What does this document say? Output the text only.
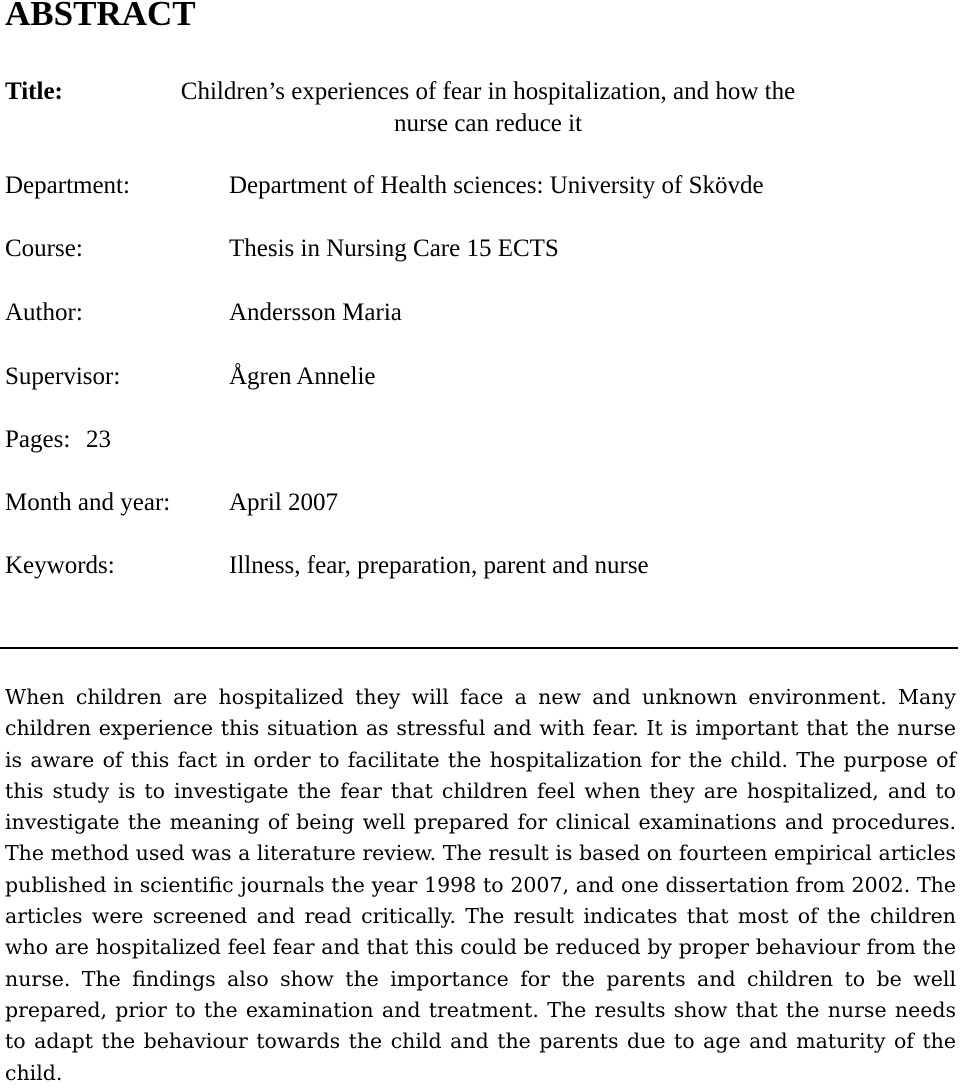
ABSTRACT
Title:	Children’s experiences of fear in hospitalization, and how the nurse can reduce it
Department:	Department of Health sciences: University of Skövde
Course:	Thesis in Nursing Care 15 ECTS
Author:	Andersson Maria
Supervisor:	Ågren Annelie
Pages: 23
Month and year: April 2007
Keywords:	Illness, fear, preparation, parent and nurse

When children are hospitalized they will face a new and unknown environment. Many children experience this situation as stressful and with fear. It is important that the nurse is aware of this fact in order to facilitate the hospitalization for the child. The purpose of this study is to investigate the fear that children feel when they are hospitalized, and to investigate the meaning of being well prepared for clinical examinations and procedures. The method used was a literature review. The result is based on fourteen empirical articles published in scientific journals the year 1998 to 2007, and one dissertation from 2002. The articles were screened and read critically. The result indicates that most of the children who are hospitalized feel fear and that this could be reduced by proper behaviour from the nurse. The findings also show the importance for the parents and children to be well prepared, prior to the examination and treatment. The results show that the nurse needs to adapt the behaviour towards the child and the parents due to age and maturity of the child.
